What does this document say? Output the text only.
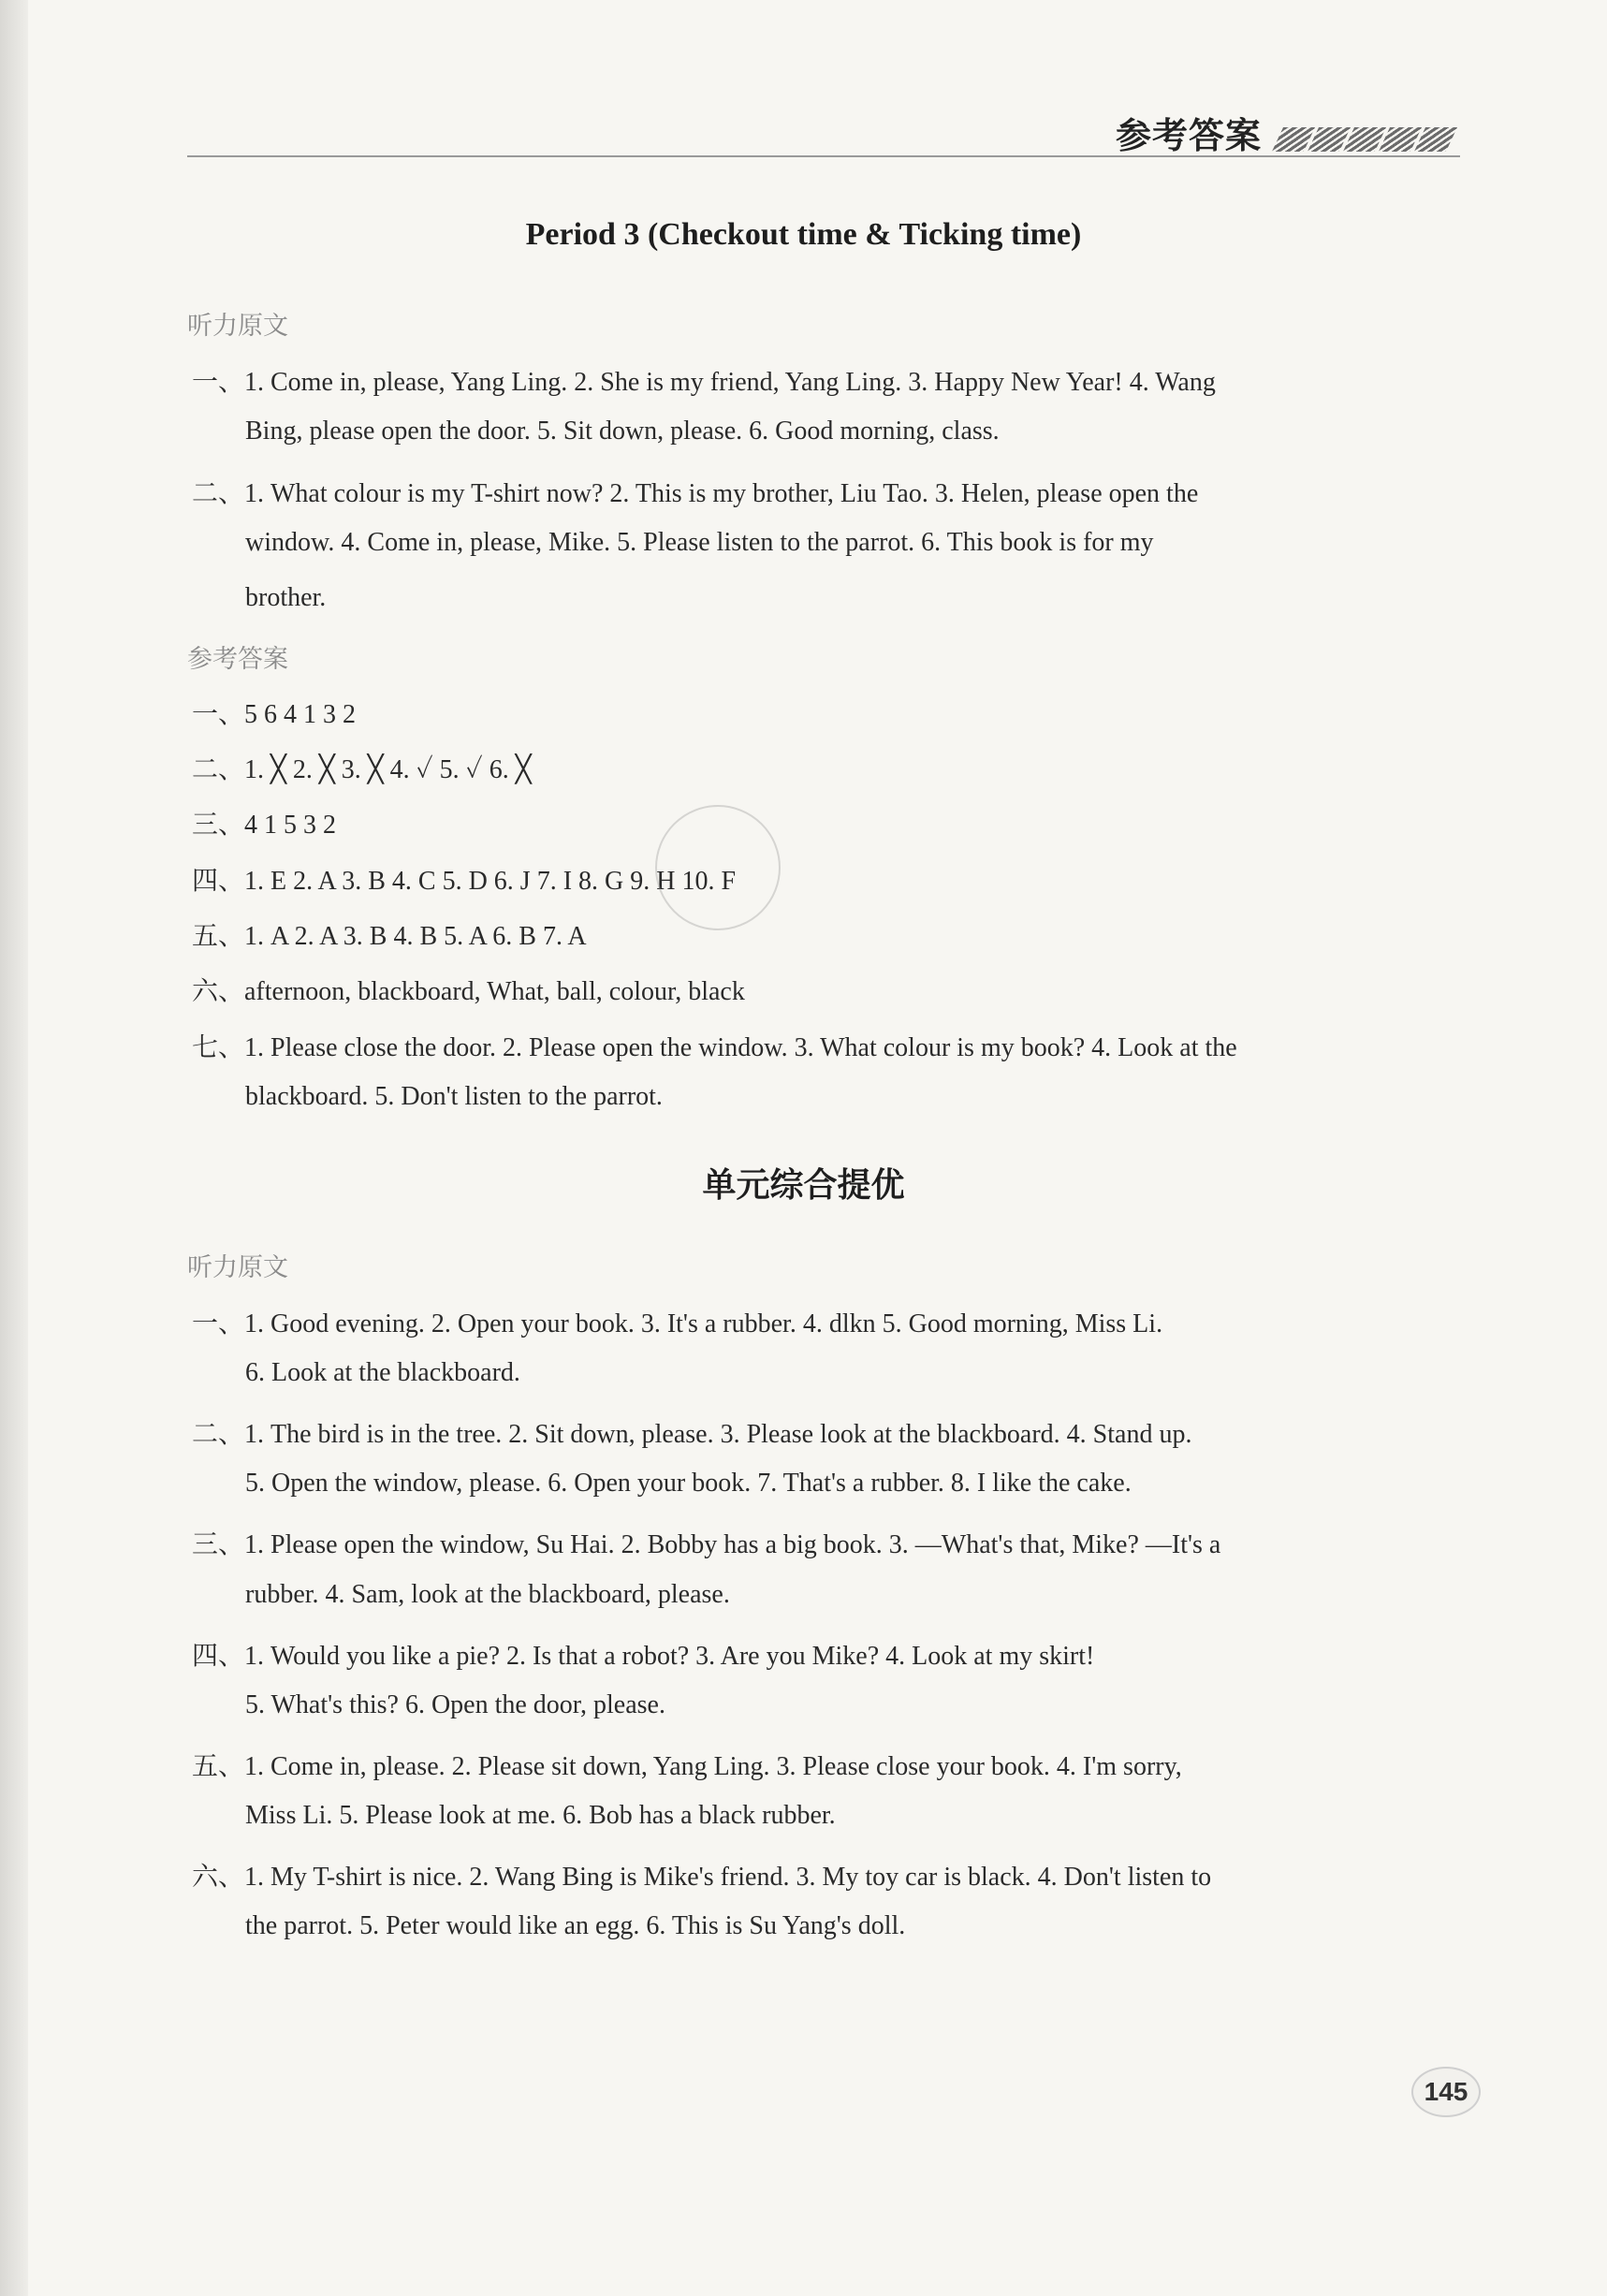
参考答案
Period 3 (Checkout time & Ticking time)
听力原文
一、1. Come in, please, Yang Ling. 2. She is my friend, Yang Ling. 3. Happy New Year! 4. Wang
Bing, please open the door. 5. Sit down, please. 6. Good morning, class.
二、1. What colour is my T-shirt now? 2. This is my brother, Liu Tao. 3. Helen, please open the
window. 4. Come in, please, Mike. 5. Please listen to the parrot. 6. This book is for my
brother.
参考答案
一、5 6 4 1 3 2
二、1. ╳ 2. ╳ 3. ╳ 4. ✓ 5. ✓ 6. ╳
三、4 1 5 3 2
四、1. E 2. A 3. B 4. C 5. D 6. J 7. I 8. G 9. H 10. F
五、1. A 2. A 3. B 4. B 5. A 6. B 7. A
六、afternoon, blackboard, What, ball, colour, black
七、1. Please close the door. 2. Please open the window. 3. What colour is my book? 4. Look at the
blackboard. 5. Don't listen to the parrot.
单元综合提优
听力原文
一、1. Good evening. 2. Open your book. 3. It's a rubber. 4. dlkn 5. Good morning, Miss Li.
6. Look at the blackboard.
二、1. The bird is in the tree. 2. Sit down, please. 3. Please look at the blackboard. 4. Stand up.
5. Open the window, please. 6. Open your book. 7. That's a rubber. 8. I like the cake.
三、1. Please open the window, Su Hai. 2. Bobby has a big book. 3. —What's that, Mike? —It's a
rubber. 4. Sam, look at the blackboard, please.
四、1. Would you like a pie? 2. Is that a robot? 3. Are you Mike? 4. Look at my skirt!
5. What's this? 6. Open the door, please.
五、1. Come in, please. 2. Please sit down, Yang Ling. 3. Please close your book. 4. I'm sorry,
Miss Li. 5. Please look at me. 6. Bob has a black rubber.
六、1. My T-shirt is nice. 2. Wang Bing is Mike's friend. 3. My toy car is black. 4. Don't listen to
the parrot. 5. Peter would like an egg. 6. This is Su Yang's doll.
145
